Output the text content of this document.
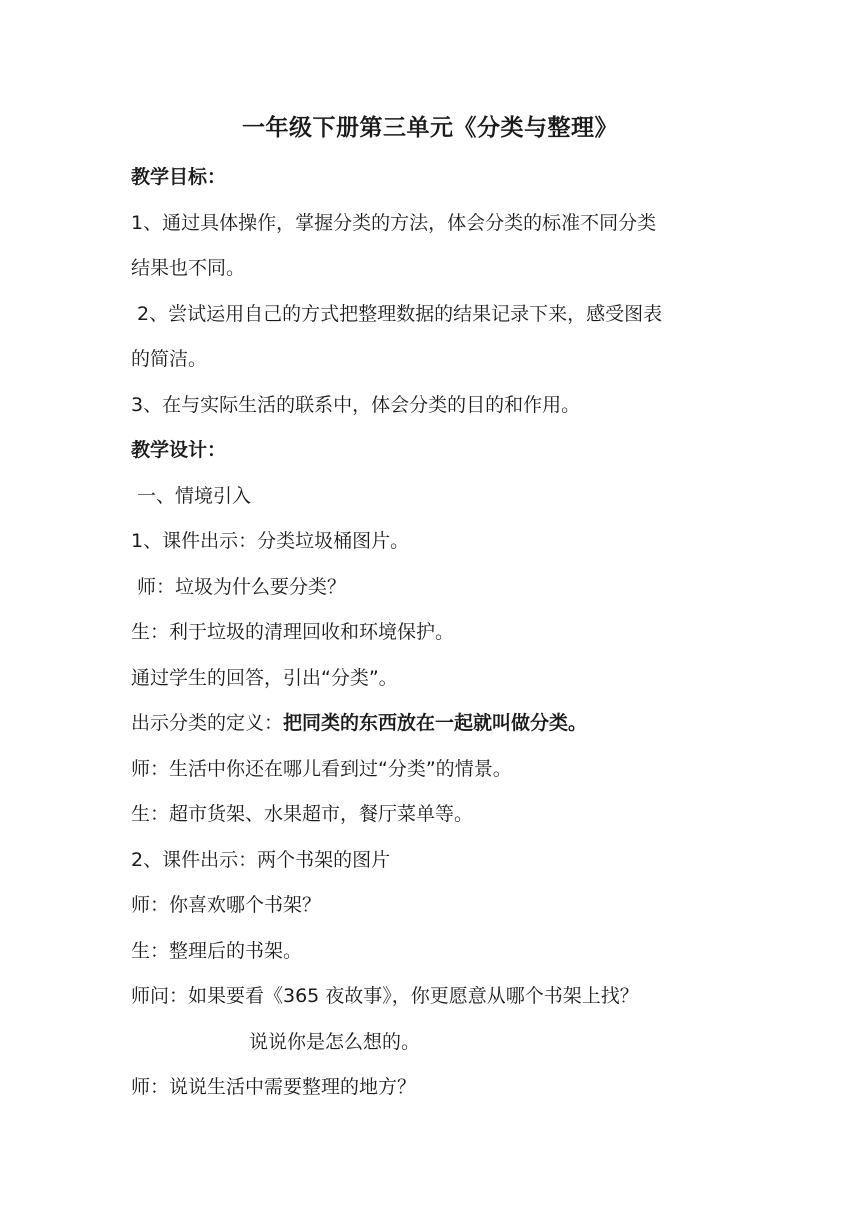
一年级下册第三单元《分类与整理》

教学目标：

1、通过具体操作，掌握分类的方法，体会分类的标准不同分类

结果也不同。

2、尝试运用自己的方式把整理数据的结果记录下来，感受图表

的简洁。

3、在与实际生活的联系中，体会分类的目的和作用。

教学设计：

一、情境引入

1、课件出示：分类垃圾桶图片。

师：垃圾为什么要分类？

生：利于垃圾的清理回收和环境保护。

通过学生的回答，引出“分类”。

出示分类的定义：把同类的东西放在一起就叫做分类。

师：生活中你还在哪儿看到过“分类”的情景。

生：超市货架、水果超市，餐厅菜单等。

2、课件出示：两个书架的图片

师：你喜欢哪个书架？

生：整理后的书架。

师问：如果要看《365 夜故事》，你更愿意从哪个书架上找？

说说你是怎么想的。

师：说说生活中需要整理的地方？
